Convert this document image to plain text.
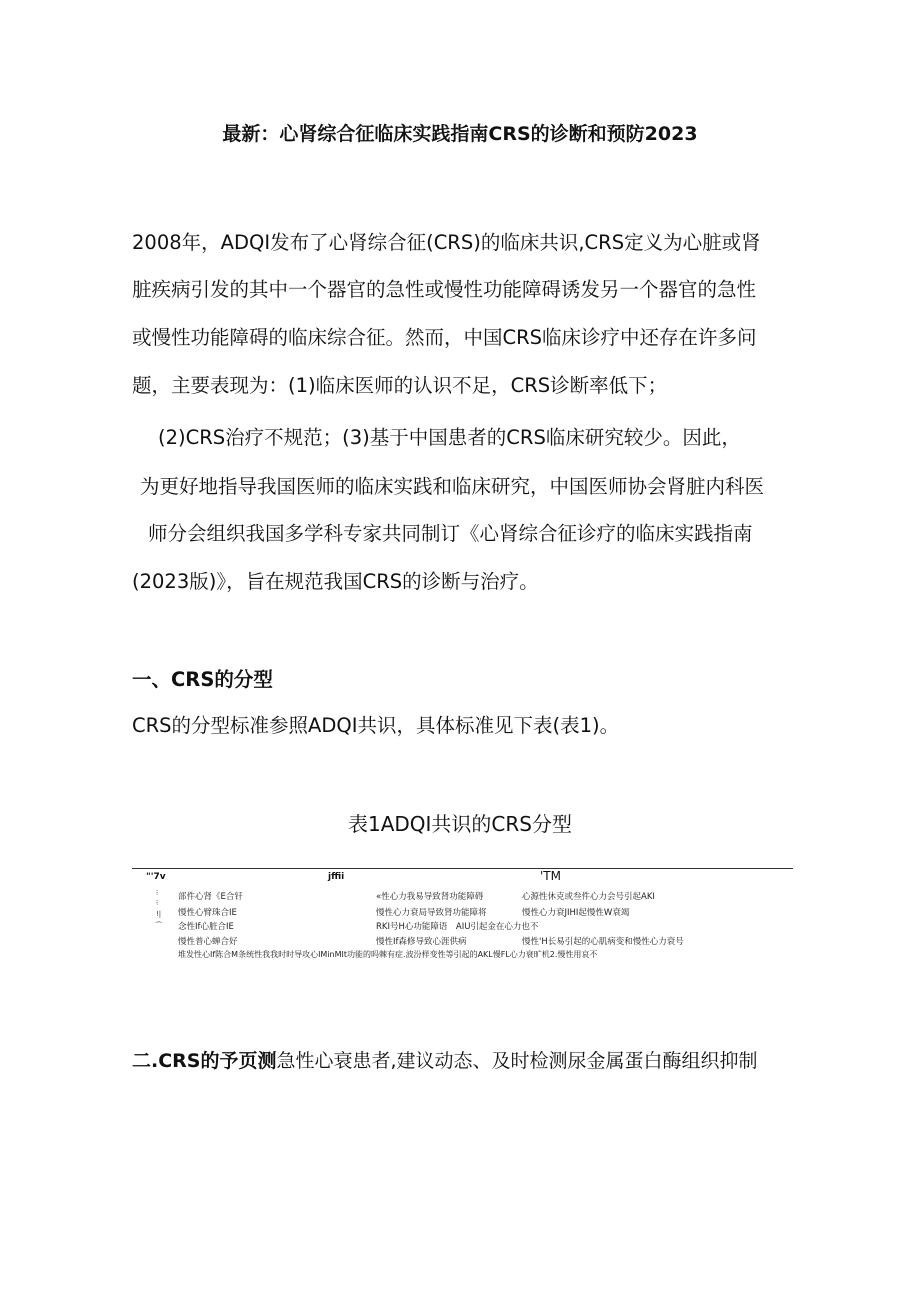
最新：心肾综合征临床实践指南CRS的诊断和预防2023
2008年，ADQI发布了心肾综合征(CRS)的临床共识,CRS定义为心脏或肾
脏疾病引发的其中一个器官的急性或慢性功能障碍诱发另一个器官的急性
或慢性功能障碍的临床综合征。然而，中国CRS临床诊疗中还存在许多问
题，主要表现为：(1)临床医师的认识不足，CRS诊断率低下；
(2)CRS治疗不规范；(3)基于中国患者的CRS临床研究较少。因此，
为更好地指导我国医师的临床实践和临床研究，中国医师协会肾脏内科医
师分会组织我国多学科专家共同制订《心肾综合征诊疗的临床实践指南
(2023版)》，旨在规范我国CRS的诊断与治疗。
一、CRS的分型
CRS的分型标准参照ADQI共识，具体标准见下表(表1)。
表1ADQI共识的CRS分型
"'7v	jffii	'TM
⁝
⁝
!|
⁀
部件心肾《E合钎	«性心力我易导致肾功能障碍	心源性休克或叁件心力会号引起AKI
慢性心臂珠合IE	慢性心力衰局导致肾功能障将	慢性心力衰JIHI起慢性W衰竭
念性If心脏合IE	RKI号H心功能障语　AIU引起金在心力也不
慢性普心蝉合好	慢性If森修导致心涯供病	慢性'H长易引起的心肌病变和慢性心力衰号
堆发性心If陈合M条统性我我时时导攻心IMinMIt功能的吗棘有症.波汾样变性等引起的AKL慢FL心力衰旷机2.慢性用哀不
二.CRS的予页测急性心衰患者,建议动态、及时检测尿金属蛋白酶组织抑制
